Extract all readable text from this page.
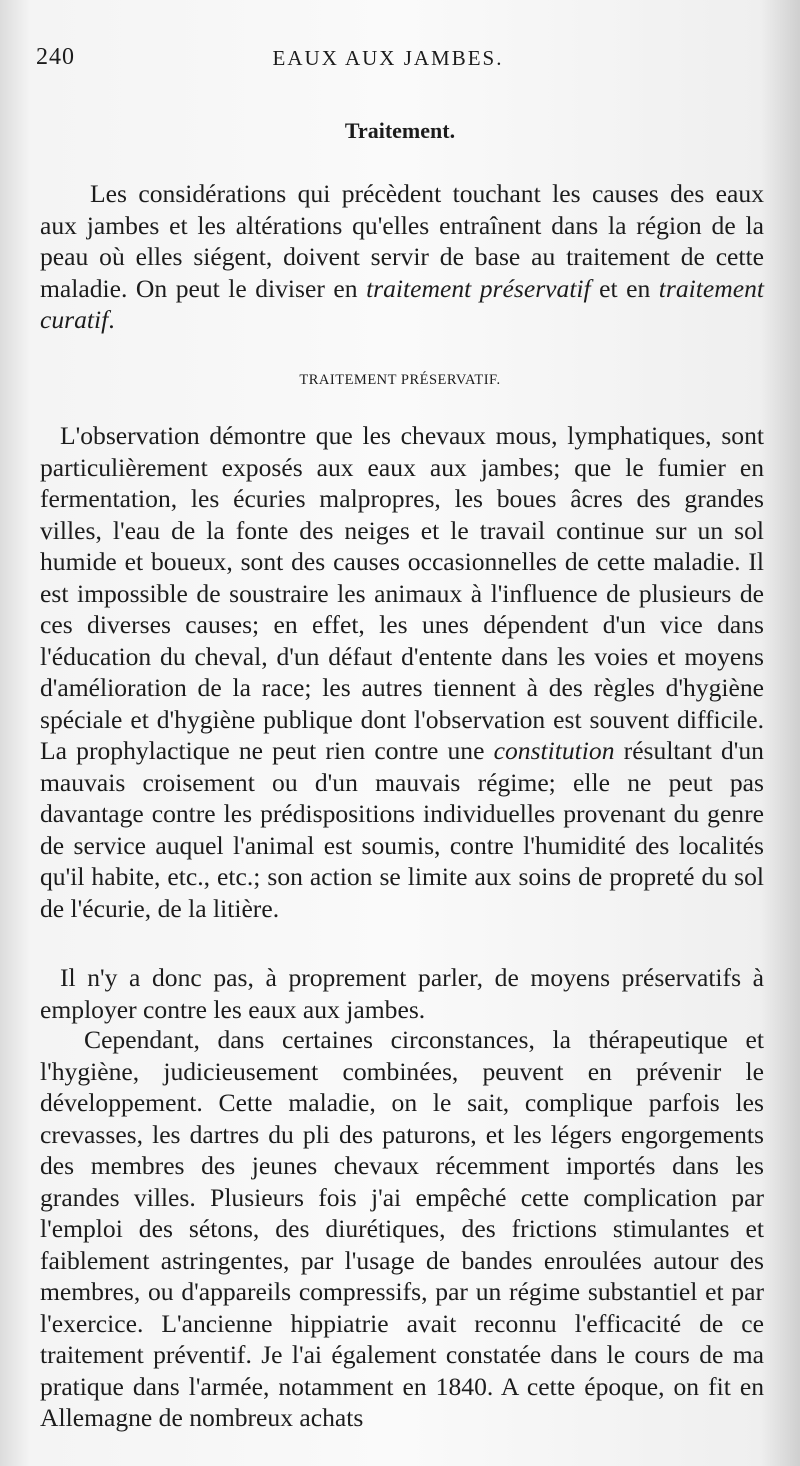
240	EAUX AUX JAMBES.
Traitement.

Les considérations qui précèdent touchant les causes des eaux aux jambes et les altérations qu'elles entraînent dans la région de la peau où elles siégent, doivent servir de base au traitement de cette maladie. On peut le diviser en traitement préservatif et en traitement curatif.

TRAITEMENT PRÉSERVATIF.

L'observation démontre que les chevaux mous, lymphatiques, sont particulièrement exposés aux eaux aux jambes; que le fumier en fermentation, les écuries malpropres, les boues âcres des grandes villes, l'eau de la fonte des neiges et le travail continue sur un sol humide et boueux, sont des causes occasionnelles de cette maladie. Il est impossible de soustraire les animaux à l'influence de plusieurs de ces diverses causes; en effet, les unes dépendent d'un vice dans l'éducation du cheval, d'un défaut d'entente dans les voies et moyens d'amélioration de la race; les autres tiennent à des règles d'hygiène spéciale et d'hygiène publique dont l'observation est souvent difficile. La prophylactique ne peut rien contre une constitution résultant d'un mauvais croisement ou d'un mauvais régime; elle ne peut pas davantage contre les prédispositions individuelles provenant du genre de service auquel l'animal est soumis, contre l'humidité des localités qu'il habite, etc., etc.; son action se limite aux soins de propreté du sol de l'écurie, de la litière.

Il n'y a donc pas, à proprement parler, de moyens préservatifs à employer contre les eaux aux jambes.

Cependant, dans certaines circonstances, la thérapeutique et l'hygiène, judicieusement combinées, peuvent en prévenir le développement. Cette maladie, on le sait, complique parfois les crevasses, les dartres du pli des paturons, et les légers engorgements des membres des jeunes chevaux récemment importés dans les grandes villes. Plusieurs fois j'ai empêché cette complication par l'emploi des sétons, des diurétiques, des frictions stimulantes et faiblement astringentes, par l'usage de bandes enroulées autour des membres, ou d'appareils compressifs, par un régime substantiel et par l'exercice. L'ancienne hippiatrie avait reconnu l'efficacité de ce traitement préventif. Je l'ai également constatée dans le cours de ma pratique dans l'armée, notamment en 1840. A cette époque, on fit en Allemagne de nombreux achats
